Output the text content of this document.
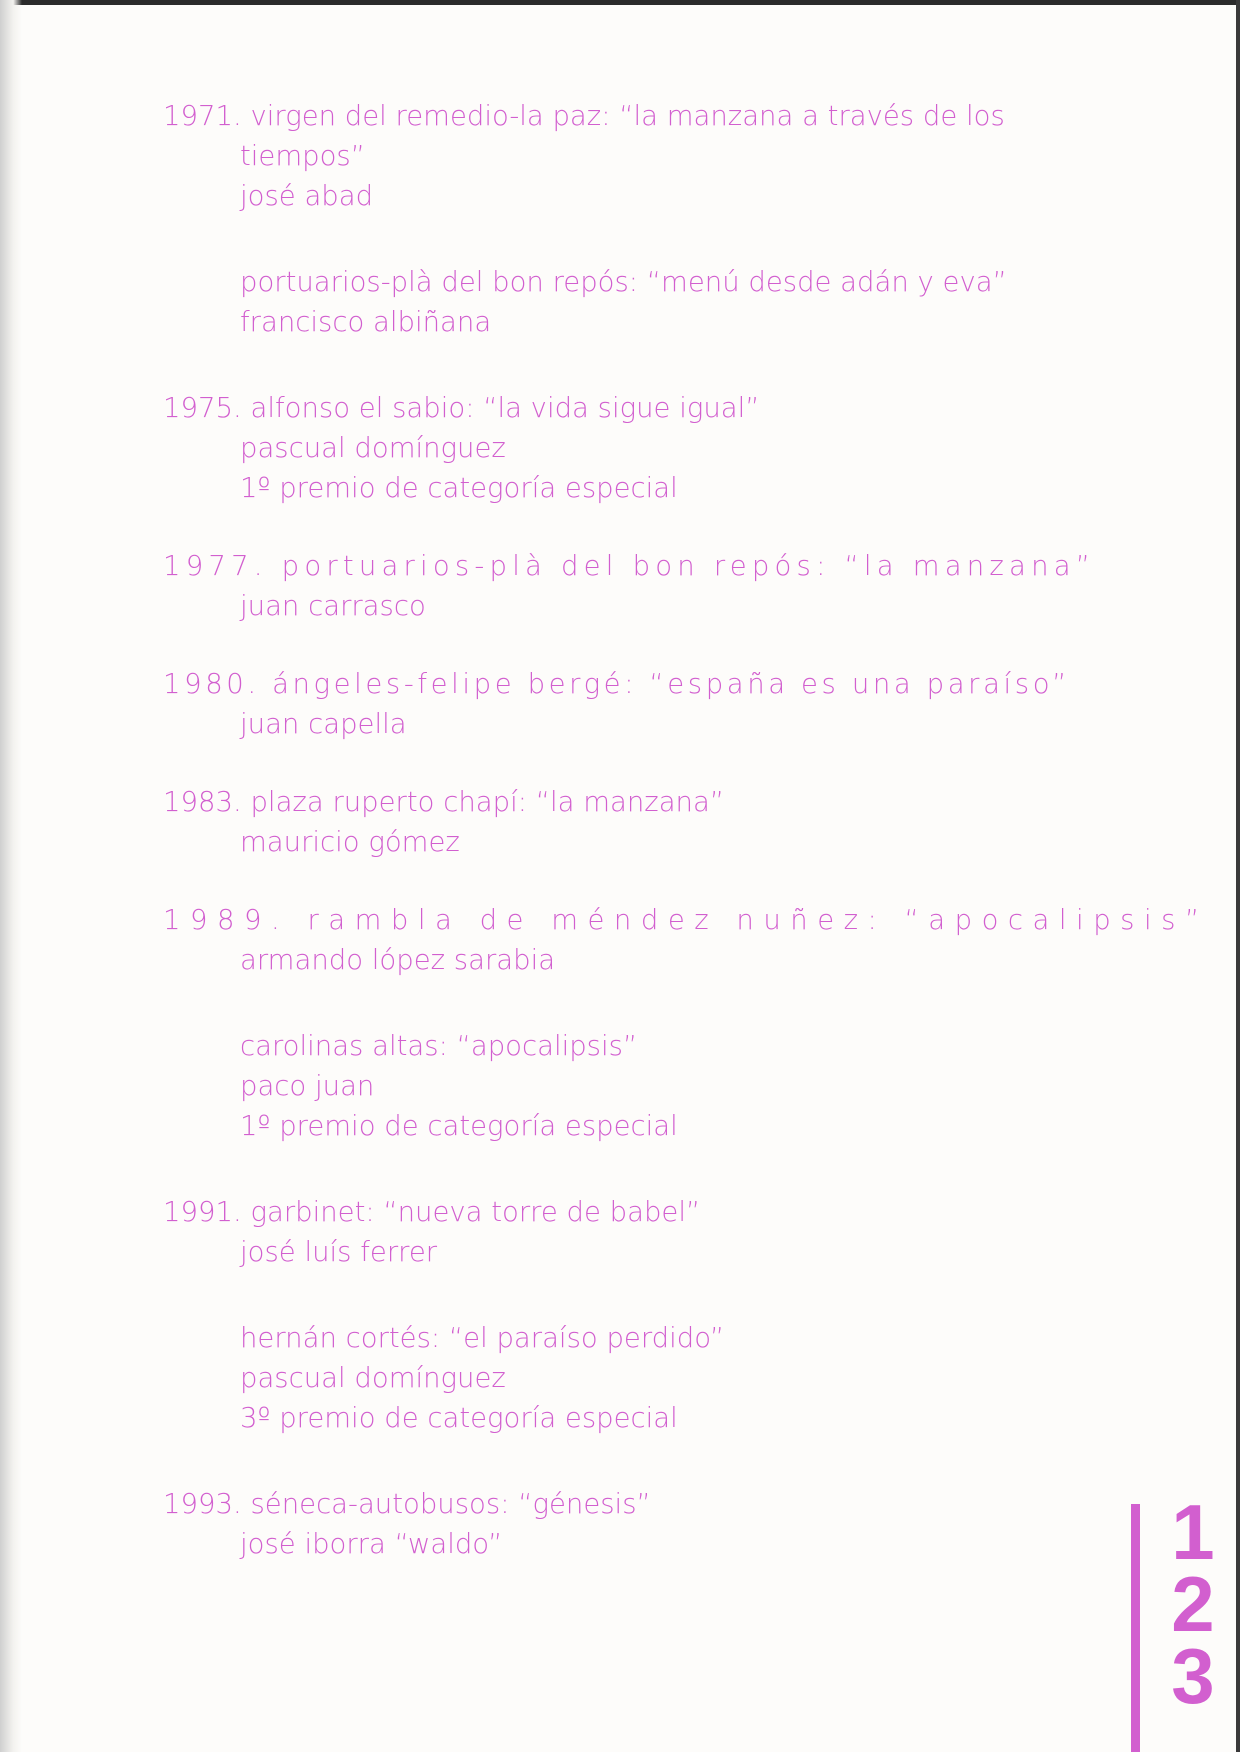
1971. virgen del remedio-la paz: “la manzana a través de los
tiempos”
josé abad
portuarios-plà del bon repós: “menú desde adán y eva”
francisco albiñana
1975. alfonso el sabio: “la vida sigue igual”
pascual domínguez
1º premio de categoría especial
1977. portuarios-plà del bon repós: “la manzana”
juan carrasco
1980. ángeles-felipe bergé: “españa es una paraíso”
juan capella
1983. plaza ruperto chapí: “la manzana”
mauricio gómez
1989. rambla de méndez nuñez: “apocalipsis”
armando lópez sarabia
carolinas altas: “apocalipsis”
paco juan
1º premio de categoría especial
1991. garbinet: “nueva torre de babel”
josé luís ferrer
hernán cortés: “el paraíso perdido”
pascual domínguez
3º premio de categoría especial
1993. séneca-autobusos: “génesis”
josé iborra “waldo”	1
2
3
